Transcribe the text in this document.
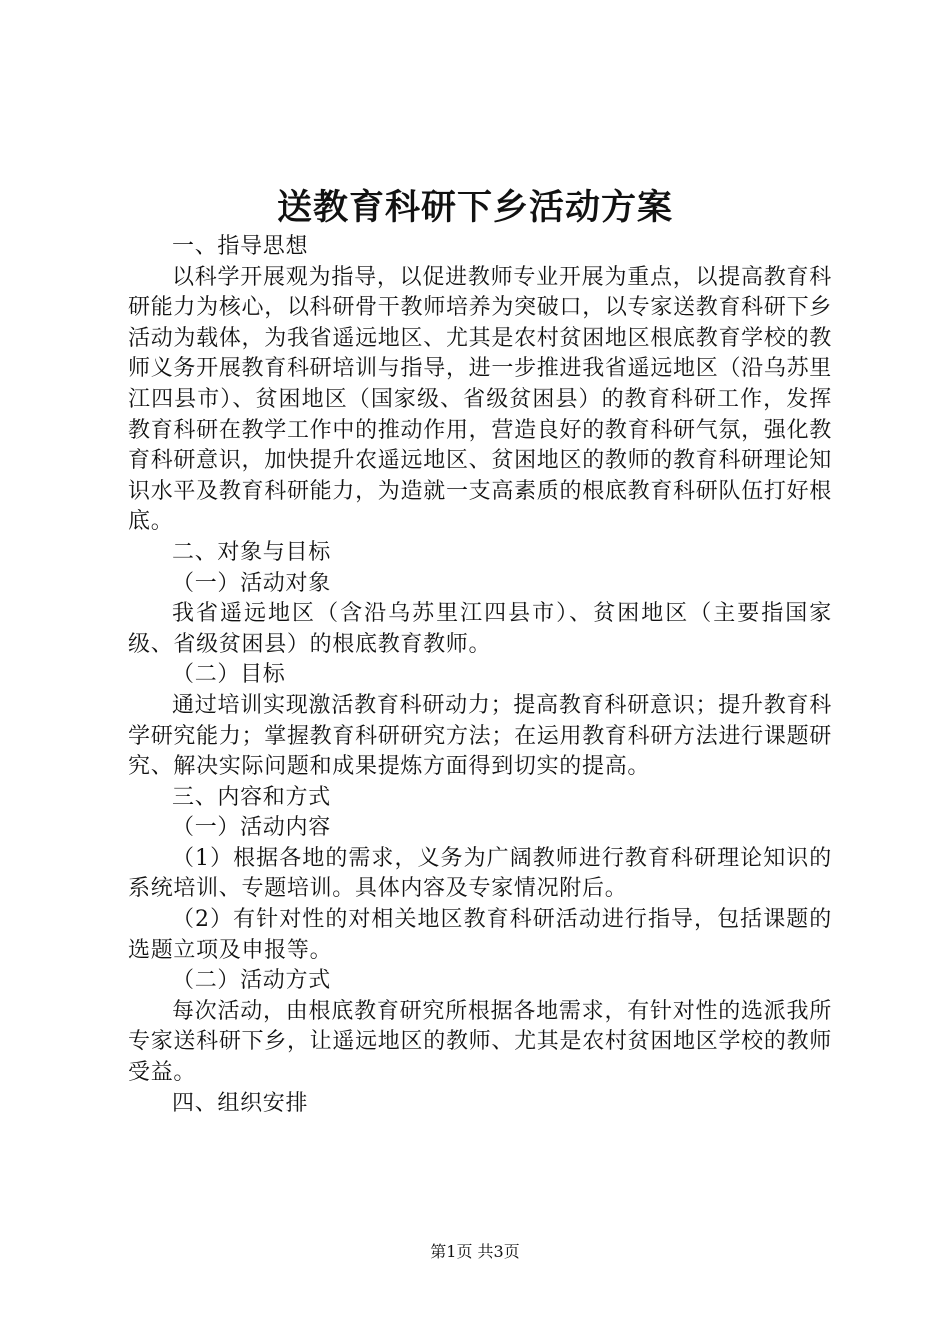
送教育科研下乡活动方案

一、指导思想

以科学开展观为指导，以促进教师专业开展为重点，以提高教育科研能力为核心，以科研骨干教师培养为突破口，以专家送教育科研下乡活动为载体，为我省遥远地区、尤其是农村贫困地区根底教育学校的教师义务开展教育科研培训与指导，进一步推进我省遥远地区（沿乌苏里江四县市）、贫困地区（国家级、省级贫困县）的教育科研工作，发挥教育科研在教学工作中的推动作用，营造良好的教育科研气氛，强化教育科研意识，加快提升农遥远地区、贫困地区的教师的教育科研理论知识水平及教育科研能力，为造就一支高素质的根底教育科研队伍打好根底。

二、对象与目标

（一）活动对象

我省遥远地区（含沿乌苏里江四县市）、贫困地区（主要指国家级、省级贫困县）的根底教育教师。

（二）目标

通过培训实现激活教育科研动力；提高教育科研意识；提升教育科学研究能力；掌握教育科研研究方法；在运用教育科研方法进行课题研究、解决实际问题和成果提炼方面得到切实的提高。

三、内容和方式

（一）活动内容

（1）根据各地的需求，义务为广阔教师进行教育科研理论知识的系统培训、专题培训。具体内容及专家情况附后。

（2）有针对性的对相关地区教育科研活动进行指导，包括课题的选题立项及申报等。

（二）活动方式

每次活动，由根底教育研究所根据各地需求，有针对性的选派我所专家送科研下乡，让遥远地区的教师、尤其是农村贫困地区学校的教师受益。

四、组织安排

第1页 共3页
